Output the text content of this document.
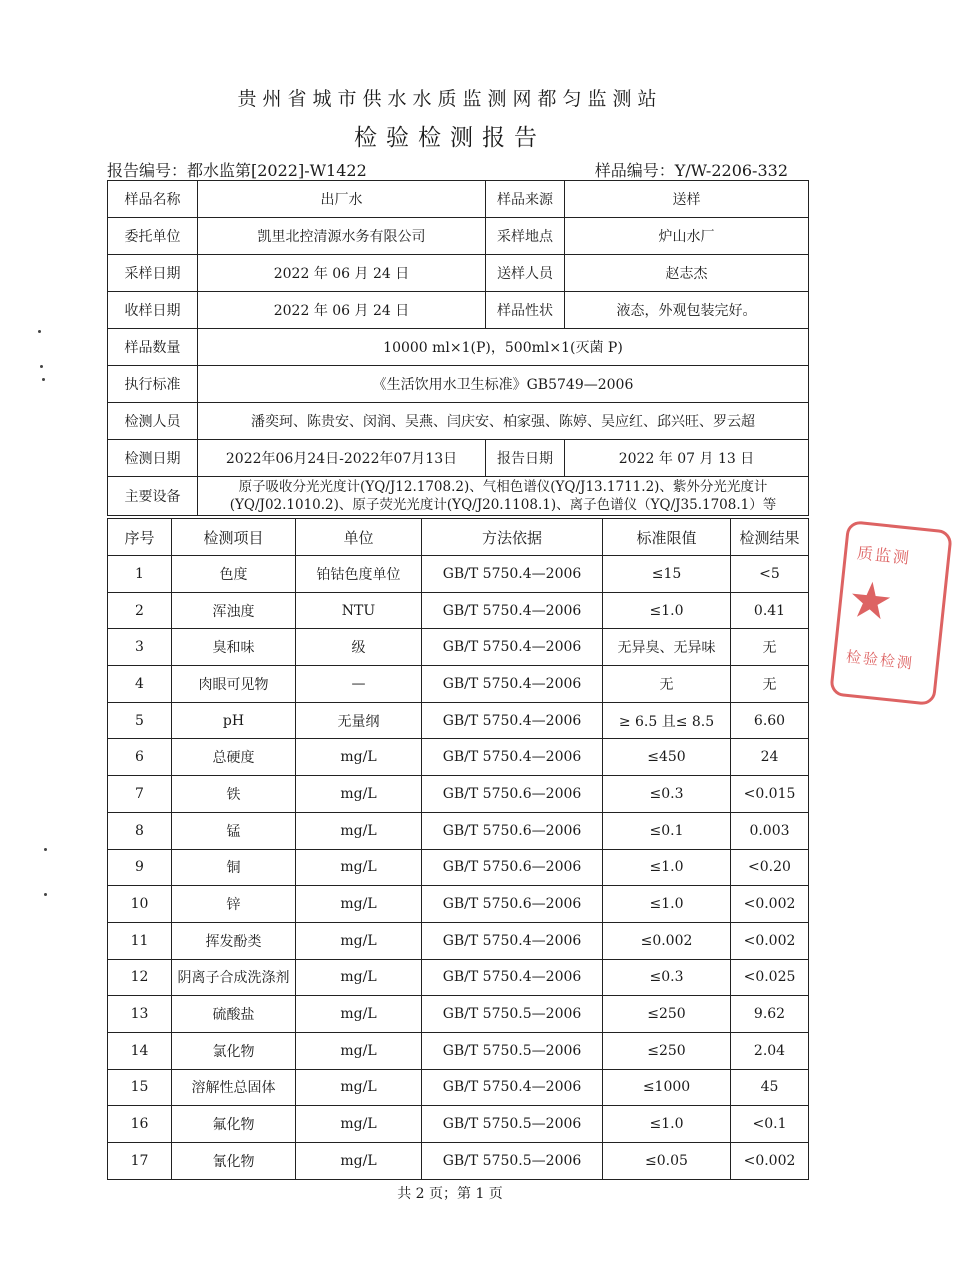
贵州省城市供水水质监测网都匀监测站
检验检测报告
报告编号：都水监第[2022]-W1422	样品编号：Y/W-2206-332
样品名称	出厂水	样品来源	送样
委托单位	凯里北控清源水务有限公司	采样地点	炉山水厂
采样日期	2022 年 06 月 24 日	送样人员	赵志杰
收样日期	2022 年 06 月 24 日	样品性状	液态，外观包装完好。
样品数量	10000 ml×1(P)，500ml×1(灭菌 P)		
执行标准	《生活饮用水卫生标准》GB5749—2006		
检测人员	潘奕珂、陈贵安、闵润、吴燕、闫庆安、柏家强、陈婷、吴应红、邱兴旺、罗云超		
检测日期	2022年06月24日-2022年07月13日	报告日期	2022 年 07 月 13 日
主要设备	原子吸收分光光度计(YQ/J12.1708.2)、气相色谱仪(YQ/J13.1711.2)、紫外分光光度计
(YQ/J02.1010.2)、原子荧光光度计(YQ/J20.1108.1)、离子色谱仪（YQ/J35.1708.1）等		
序号	检测项目	单位	方法依据	标准限值	检测结果
1	色度	铂钴色度单位	GB/T 5750.4—2006	≤15	<5
2	浑浊度	NTU	GB/T 5750.4—2006	≤1.0	0.41
3	臭和味	级	GB/T 5750.4—2006	无异臭、无异味	无
4	肉眼可见物	—	GB/T 5750.4—2006	无	无
5	pH	无量纲	GB/T 5750.4—2006	≥ 6.5 且≤ 8.5	6.60
6	总硬度	mg/L	GB/T 5750.4—2006	≤450	24
7	铁	mg/L	GB/T 5750.6—2006	≤0.3	<0.015
8	锰	mg/L	GB/T 5750.6—2006	≤0.1	0.003
9	铜	mg/L	GB/T 5750.6—2006	≤1.0	<0.20
10	锌	mg/L	GB/T 5750.6—2006	≤1.0	<0.002
11	挥发酚类	mg/L	GB/T 5750.4—2006	≤0.002	<0.002
12	阴离子合成洗涤剂	mg/L	GB/T 5750.4—2006	≤0.3	<0.025
13	硫酸盐	mg/L	GB/T 5750.5—2006	≤250	9.62
14	氯化物	mg/L	GB/T 5750.5—2006	≤250	2.04
15	溶解性总固体	mg/L	GB/T 5750.4—2006	≤1000	45
16	氟化物	mg/L	GB/T 5750.5—2006	≤1.0	<0.1
17	氰化物	mg/L	GB/T 5750.5—2006	≤0.05	<0.002
共 2 页；第 1 页
质监测
★
检验检测
